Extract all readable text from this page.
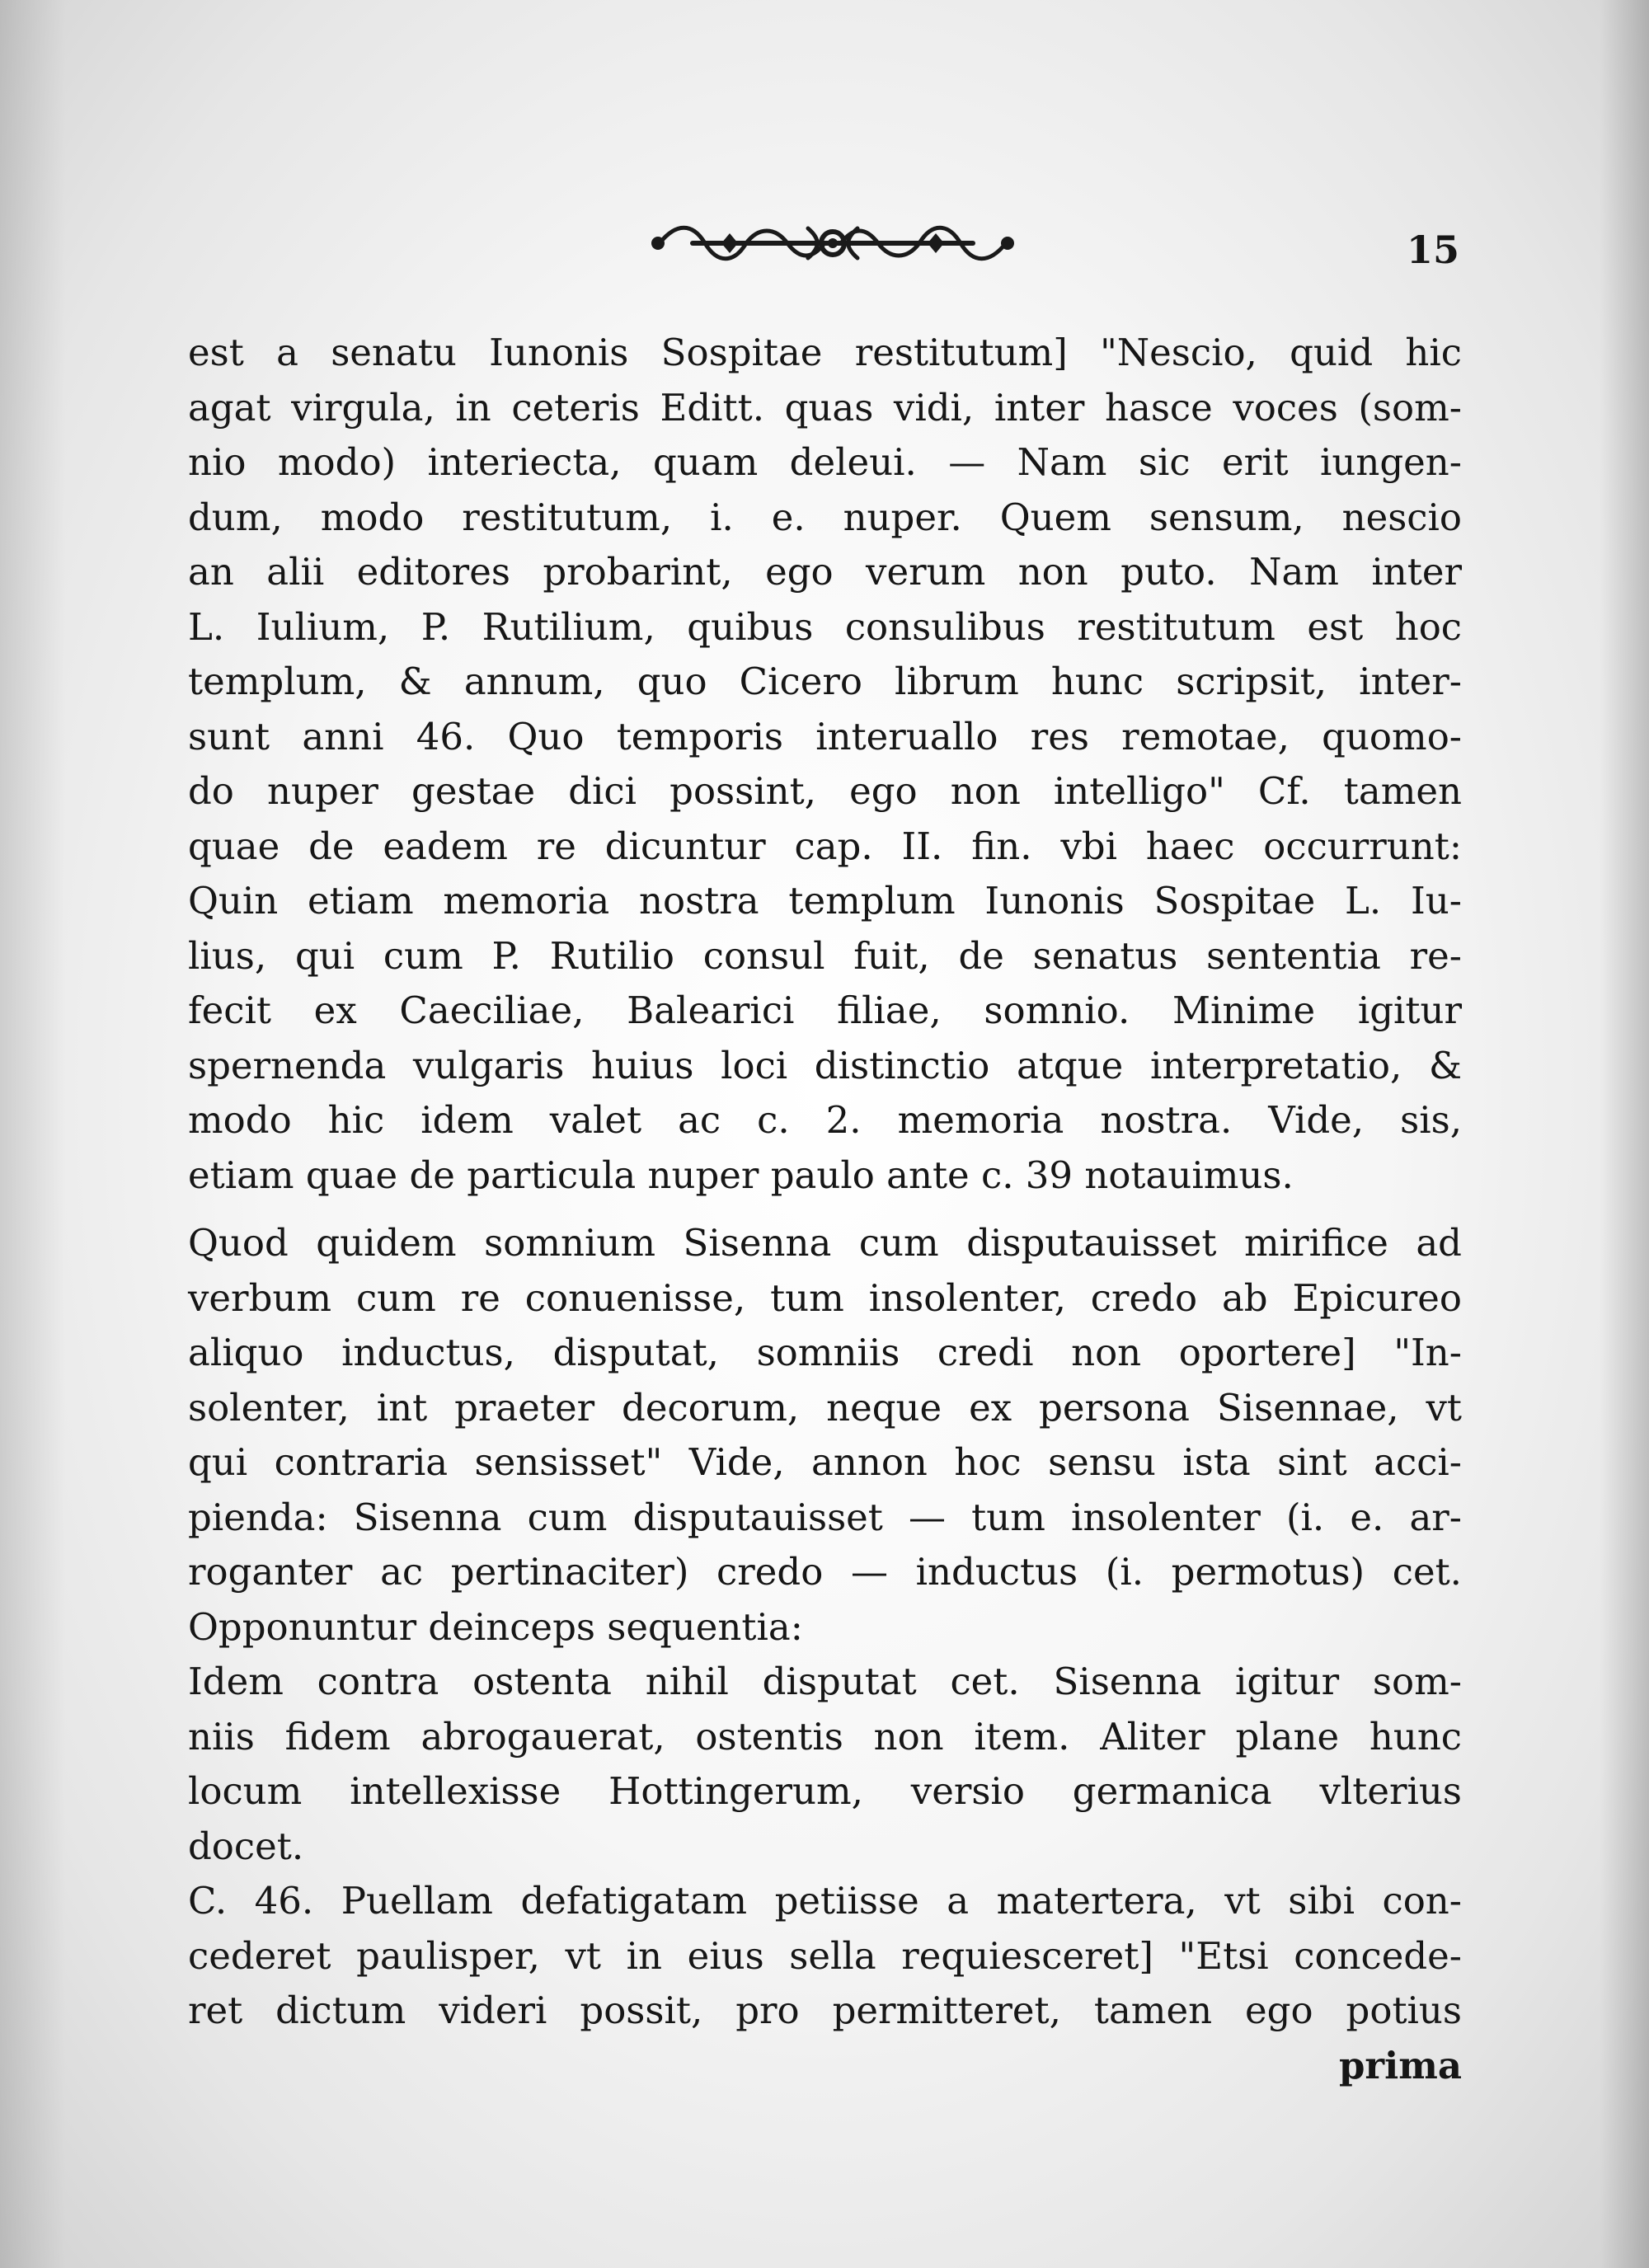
15
est a senatu Iunonis Sospitae restitutum] "Nescio, quid hic
agat virgula, in ceteris Editt. quas vidi, inter hasce voces (som-
nio modo) interiecta, quam deleui. — Nam sic erit iungen-
dum, modo restitutum, i. e. nuper. Quem sensum, nescio
an alii editores probarint, ego verum non puto. Nam inter
L. Iulium, P. Rutilium, quibus consulibus restitutum est hoc
templum, & annum, quo Cicero librum hunc scripsit, inter-
sunt anni 46. Quo temporis interuallo res remotae, quomo-
do nuper gestae dici possint, ego non intelligo" Cf. tamen
quae de eadem re dicuntur cap. II. fin. vbi haec occurrunt:
Quin etiam memoria nostra templum Iunonis Sospitae L. Iu-
lius, qui cum P. Rutilio consul fuit, de senatus sententia re-
fecit ex Caeciliae, Balearici filiae, somnio. Minime igitur
spernenda vulgaris huius loci distinctio atque interpretatio, &
modo hic idem valet ac c. 2. memoria nostra. Vide, sis,
etiam quae de particula nuper paulo ante c. 39 notauimus.
Quod quidem somnium Sisenna cum disputauisset mirifice ad
verbum cum re conuenisse, tum insolenter, credo ab Epicureo
aliquo inductus, disputat, somniis credi non oportere] "In-
solenter, int praeter decorum, neque ex persona Sisennae, vt
qui contraria sensisset" Vide, annon hoc sensu ista sint acci-
pienda: Sisenna cum disputauisset — tum insolenter (i. e. ar-
roganter ac pertinaciter) credo — inductus (i. permotus) cet.
Opponuntur deinceps sequentia:
Idem contra ostenta nihil disputat cet. Sisenna igitur som-
niis fidem abrogauerat, ostentis non item. Aliter plane hunc
locum intellexisse Hottingerum, versio germanica vlterius
docet.
C. 46. Puellam defatigatam petiisse a matertera, vt sibi con-
cederet paulisper, vt in eius sella requiesceret] "Etsi concede-
ret dictum videri possit, pro permitteret, tamen ego potius
prima
